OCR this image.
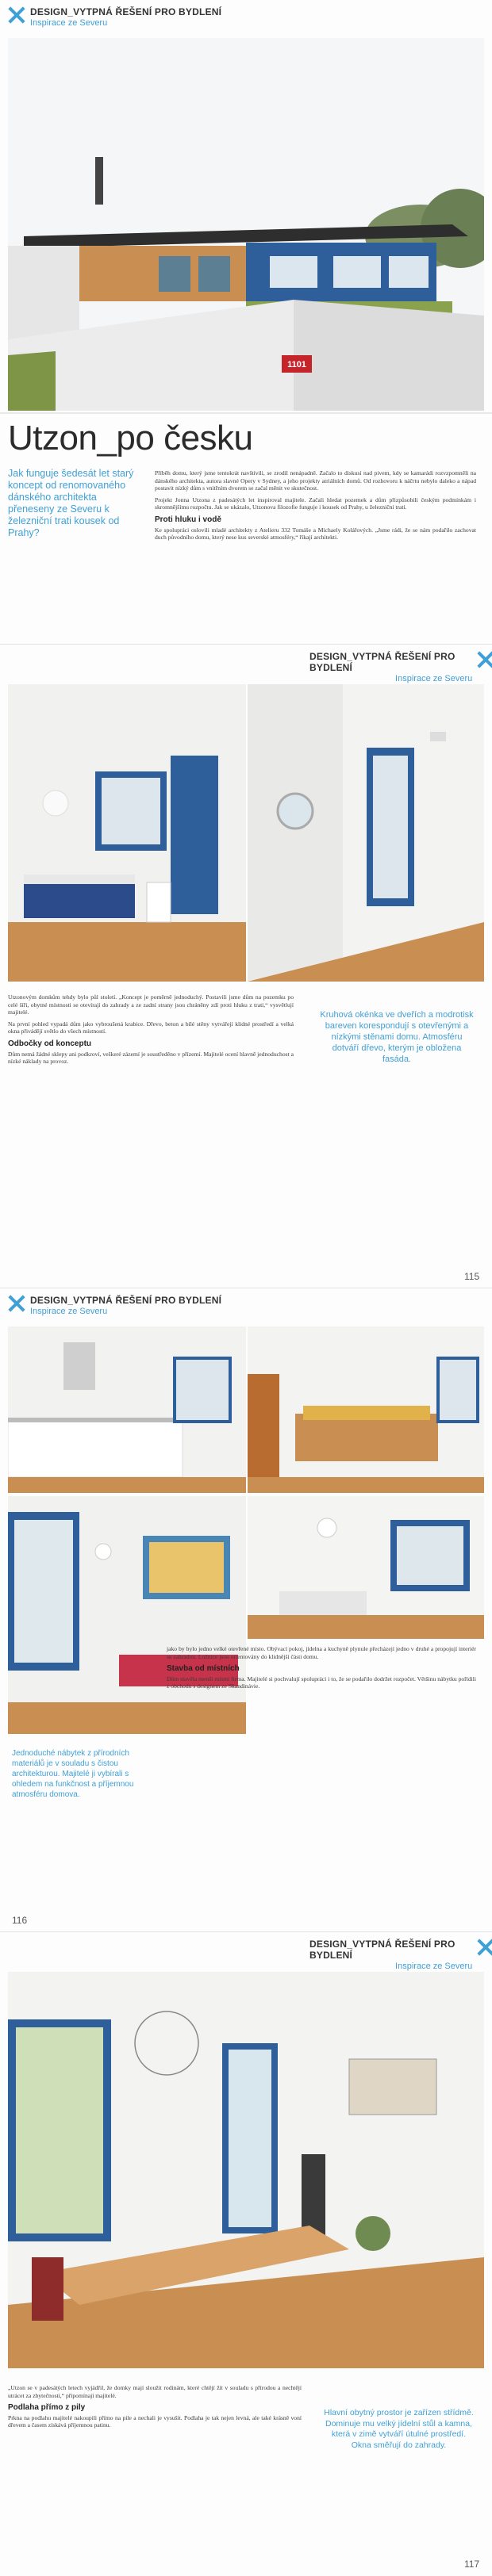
DESIGN_VYTPNÁ ŘEŠENÍ PRO BYDLENÍ
Inspirace ze Severu
1101
Utzon_po česku
Jak funguje šedesát let starý koncept od renomovaného dánského architekta přeneseny ze Severu k železniční trati kousek od Prahy?

Příběh domu, který jsme tentokrát navštívili, se zrodil nenápadně. Začalo to diskusí nad pivem, kdy se kamarádi rozvzpomněli na dánského architekta, autora slavné Opery v Sydney, a jeho projekty atriálních domů. Od rozhovoru k náčrtu nebylo daleko a nápad postavit nízký dům s vnitřním dvorem se začal měnit ve skutečnost.

Projekt Jonna Utzona z padesátých let inspiroval majitele. Začali hledat pozemek a dům přizpůsobili českým podmínkám i skromnějšímu rozpočtu. Jak se ukázalo, Utzonova filozofie funguje i kousek od Prahy, u železniční trati.

Proti hluku i vodě

Ke spolupráci oslovili mladé architekty z Atelieru 332 Tomáše a Michaely Kolářových. „Jsme rádi, že se nám podařilo zachovat duch původního domu, který nese kus severské atmosféry,“ říkají architekti.

DESIGN_VYTPNÁ ŘEŠENÍ PRO BYDLENÍ
Inspirace ze Severu

Utzonovým domkům tehdy bylo půl století. „Koncept je poměrně jednoduchý. Postavili jsme dům na pozemku po celé šíři, obytné místnosti se otevírají do zahrady a ze zadní strany jsou chráněny zdí proti hluku z trati,“ vysvětlují majitelé.

Na první pohled vypadá dům jako vybroušená krabice. Dřevo, beton a bílé stěny vytvářejí klidné prostředí a velká okna přivádějí světlo do všech místností.

Odbočky od konceptu

Dům nemá žádné sklepy ani podkroví, veškeré zázemí je soustředěno v přízemí. Majitelé ocení hlavně jednoduchost a nízké náklady na provoz.

Kruhová okénka ve dveřích a modrotisk bareven korespondují s otevřenými a nízkými stěnami domu. Atmosféru dotváří dřevo, kterým je obložena fasáda.
115
DESIGN_VYTPNÁ ŘEŠENÍ PRO BYDLENÍ
Inspirace ze Severu
Jednoduché nábytek z přírodních materiálů je v souladu s čistou architekturou. Majitelé ji vybírali s ohledem na funkčnost a příjemnou atmosféru domova.

jako by bylo jedno velké otevřené místo. Obývací pokoj, jídelna a kuchyně plynule přecházejí jedno v druhé a propojují interiér se zahradou. Ložnice jsou orientovány do klidnější části domu.

Stavba od místních

Dům stavěla menší místní firma. Majitelé si pochvalují spolupráci i to, že se podařilo dodržet rozpočet. Většinu nábytku pořídili z obchodu s designem ze Skandinávie.

116
DESIGN_VYTPNÁ ŘEŠENÍ PRO BYDLENÍ
Inspirace ze Severu

„Utzon se v padesátých letech vyjádřil, že domky mají sloužit rodinám, které chtějí žít v souladu s přírodou a nechtějí utrácet za zbytečnosti,“ připomínají majitelé.

Podlaha přímo z pily

Prkna na podlahu majitelé nakoupili přímo na pile a nechali je vysušit. Podlaha je tak nejen levná, ale také krásně voní dřevem a časem získává příjemnou patinu.

Hlavní obytný prostor je zařízen střídmě. Dominuje mu velký jídelní stůl a kamna, která v zimě vytváří útulné prostředí. Okna směřují do zahrady.
117
